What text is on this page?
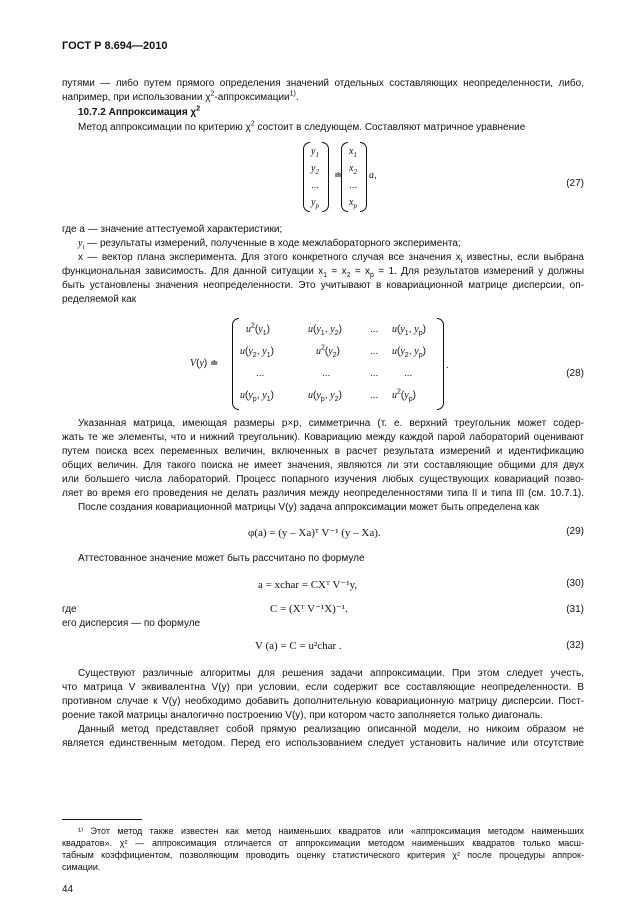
ГОСТ Р 8.694—2010
путями — либо путем прямого определения значений отдельных составляющих неопределенности, либо,
например, при использовании $\chi^2-аппроксимации^{1)}$.
10.7.2 Аппроксимация $\chi^2$
Метод аппроксимации по критерию $\chi^2$ состоит в следующем. Составляют матричное уравнение
$y_1$
$y_2$
...
$y_p$
≐
$x_1$
$x_2$
...
$x_p$
a,
(27)
где a — значение аттестуемой характеристики;
$y_i$ — результаты измерений, полученные в ходе межлабораторного эксперимента;
x — вектор плана эксперимента. Для этого конкретного случая все значения $x_i$ известны, если выбрана
функциональная зависимость. Для данной ситуации $x_1 = x_2 = x_p = 1$. Для результатов измерений y должны
быть установлены значения неопределенности. Это учитывают в ковариационной матрице дисперсии, оп-
ределяемой как
V(y) ≐
$u^2(y_1)$	$u(y_1$, $y_2$)	... $u(y_1$, $y_p$)
$u(y_2$, $y_1$)	$u^2(y_2)$	... $u(y_2$, $y_p$)
...	...	...	...
$u(y_p$, $y_1$)	$u(y_p$, $y_2$)	... $u^2(y_p)$
.
(28)
Указанная матрица, имеющая размеры p×p, симметрична (т. е. верхний треугольник может содер-
жать те же элементы, что и нижний треугольник). Ковариацию между каждой парой лабораторий оценивают
путем поиска всех переменных величин, включенных в расчет результата измерений и идентификацию
общих величин. Для такого поиска не имеет значения, являются ли эти составляющие общими для двух
или большего числа лабораторий. Процесс попарного изучения любых существующих ковариаций позво-
ляет во время его проведения не делать различия между неопределенностями типа II и типа III (см. 10.7.1).
После создания ковариационной матрицы V(y) задача аппроксимации может быть определена как
φ(a) = (y – Xa)ᵀ V⁻¹ (y – Xa).	(29)
Аттестованное значение может быть рассчитано по формуле
a = xchar = CXᵀ V⁻¹y,	(30)
где	C = (Xᵀ V⁻¹X)⁻¹.	(31)
его дисперсия — по формуле
V (a) = C = u²char .	(32)
Существуют различные алгоритмы для решения задачи аппроксимации. При этом следует учесть,
что матрица V эквивалентна V(y) при условии, если содержит все составляющие неопределенности. В
противном случае к V(y) необходимо добавить дополнительную ковариационную матрицу дисперсии. Пост-
роение такой матрицы аналогично построению V(y), при котором часто заполняется только диагональ.
Данный метод представляет собой прямую реализацию описанной модели, но никоим образом не
является единственным методом. Перед его использованием следует установить наличие или отсутствие
¹⁾ Этот метод также известен как метод наименьших квадратов или «аппроксимация методом наименьших
квадратов». χ² — аппроксимация отличается от аппроксимации методом наименьших квадратов только масш-
табным коэффициентом, позволяющим проводить оценку статистического критерия χ² после процедуры аппрок-
симации.
44
